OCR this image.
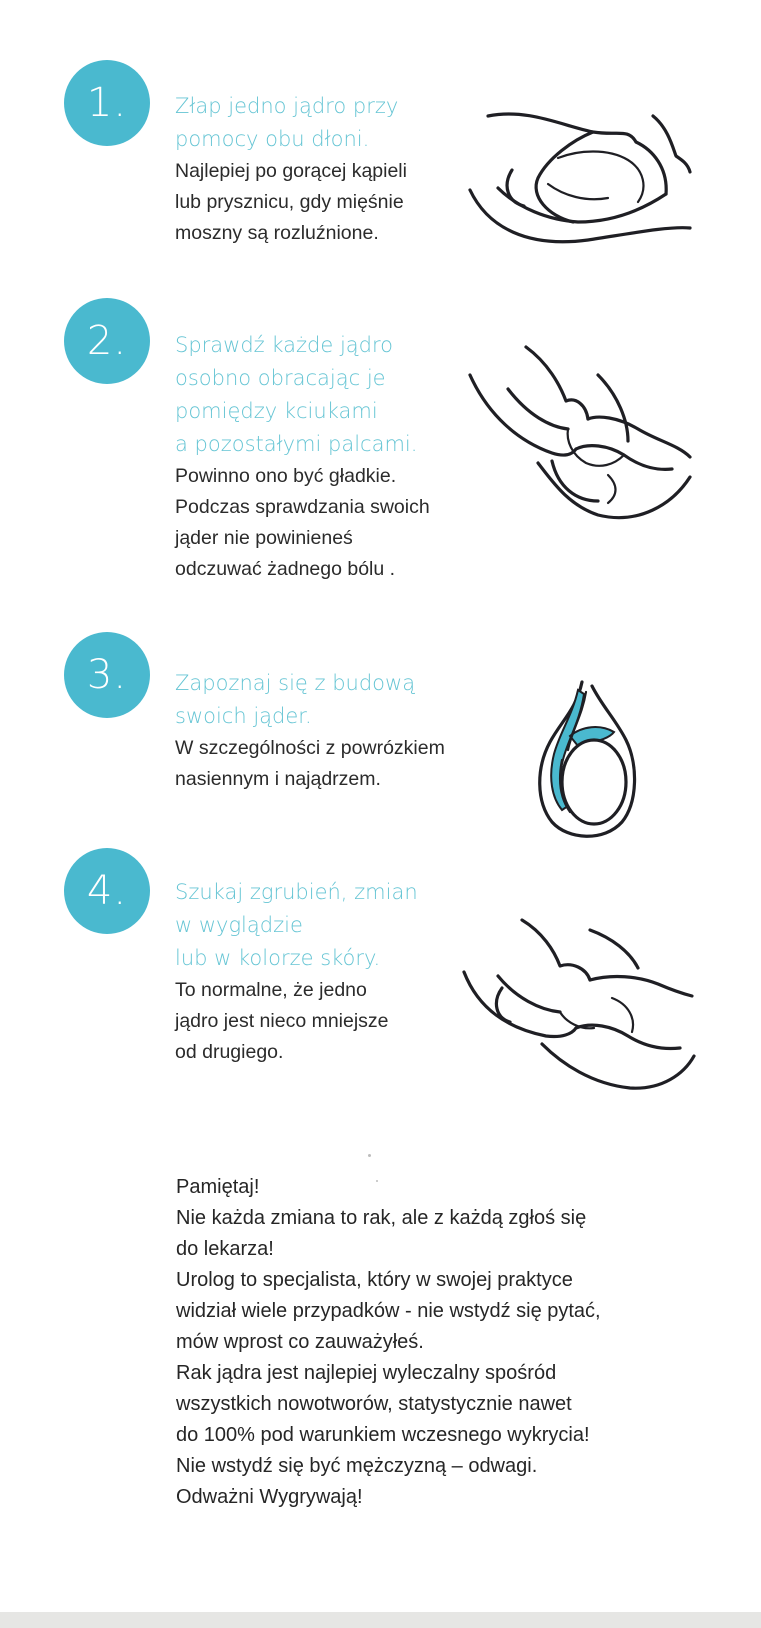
1.	Złap jedno jądro przy
pomocy obu dłoni.
Najlepiej po gorącej kąpieli
lub prysznicu, gdy mięśnie
moszny są rozluźnione.
2.	Sprawdź każde jądro
osobno obracając je
pomiędzy kciukami
a pozostałymi palcami.
Powinno ono być gładkie.
Podczas sprawdzania swoich
jąder nie powinieneś
odczuwać żadnego bólu .
3.	Zapoznaj się z budową
swoich jąder.
W szczególności z powrózkiem
nasiennym i najądrzem.
4.	Szukaj zgrubień, zmian
w wyglądzie
lub w kolorze skóry.
To normalne, że jedno
jądro jest nieco mniejsze
od drugiego.
Pamiętaj!
Nie każda zmiana to rak, ale z każdą zgłoś się
do lekarza!
Urolog to specjalista, który w swojej praktyce
widział wiele przypadków - nie wstydź się pytać,
mów wprost co zauważyłeś.
Rak jądra jest najlepiej wyleczalny spośród
wszystkich nowotworów, statystycznie nawet
do 100% pod warunkiem wczesnego wykrycia!
Nie wstydź się być mężczyzną – odwagi.
Odważni Wygrywają!
